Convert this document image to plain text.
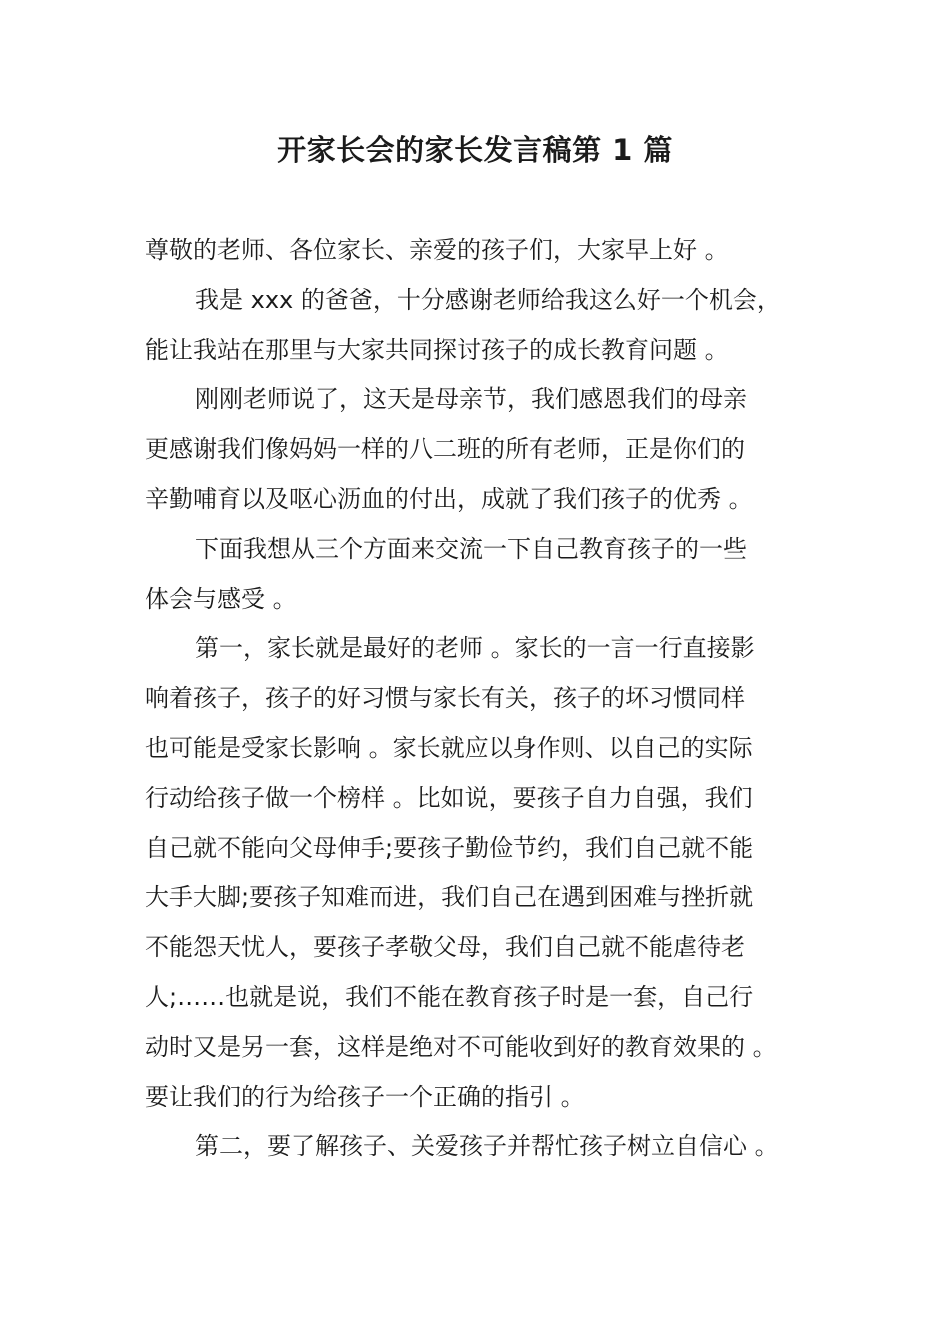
开家长会的家长发言稿第 1 篇

尊敬的老师、各位家长、亲爱的孩子们，大家早上好 。

我是 xxx 的爸爸，十分感谢老师给我这么好一个机会，

能让我站在那里与大家共同探讨孩子的成长教育问题 。

刚刚老师说了，这天是母亲节，我们感恩我们的母亲

更感谢我们像妈妈一样的八二班的所有老师，正是你们的

辛勤哺育以及呕心沥血的付出，成就了我们孩子的优秀 。

下面我想从三个方面来交流一下自己教育孩子的一些

体会与感受 。

第一，家长就是最好的老师 。家长的一言一行直接影

响着孩子，孩子的好习惯与家长有关，孩子的坏习惯同样

也可能是受家长影响 。家长就应以身作则、以自己的实际

行动给孩子做一个榜样 。比如说，要孩子自力自强，我们

自己就不能向父母伸手;要孩子勤俭节约，我们自己就不能

大手大脚;要孩子知难而进，我们自己在遇到困难与挫折就

不能怨天忧人，要孩子孝敬父母，我们自己就不能虐待老

人;……也就是说，我们不能在教育孩子时是一套，自己行

动时又是另一套，这样是绝对不可能收到好的教育效果的 。

要让我们的行为给孩子一个正确的指引 。

第二，要了解孩子、关爱孩子并帮忙孩子树立自信心 。
